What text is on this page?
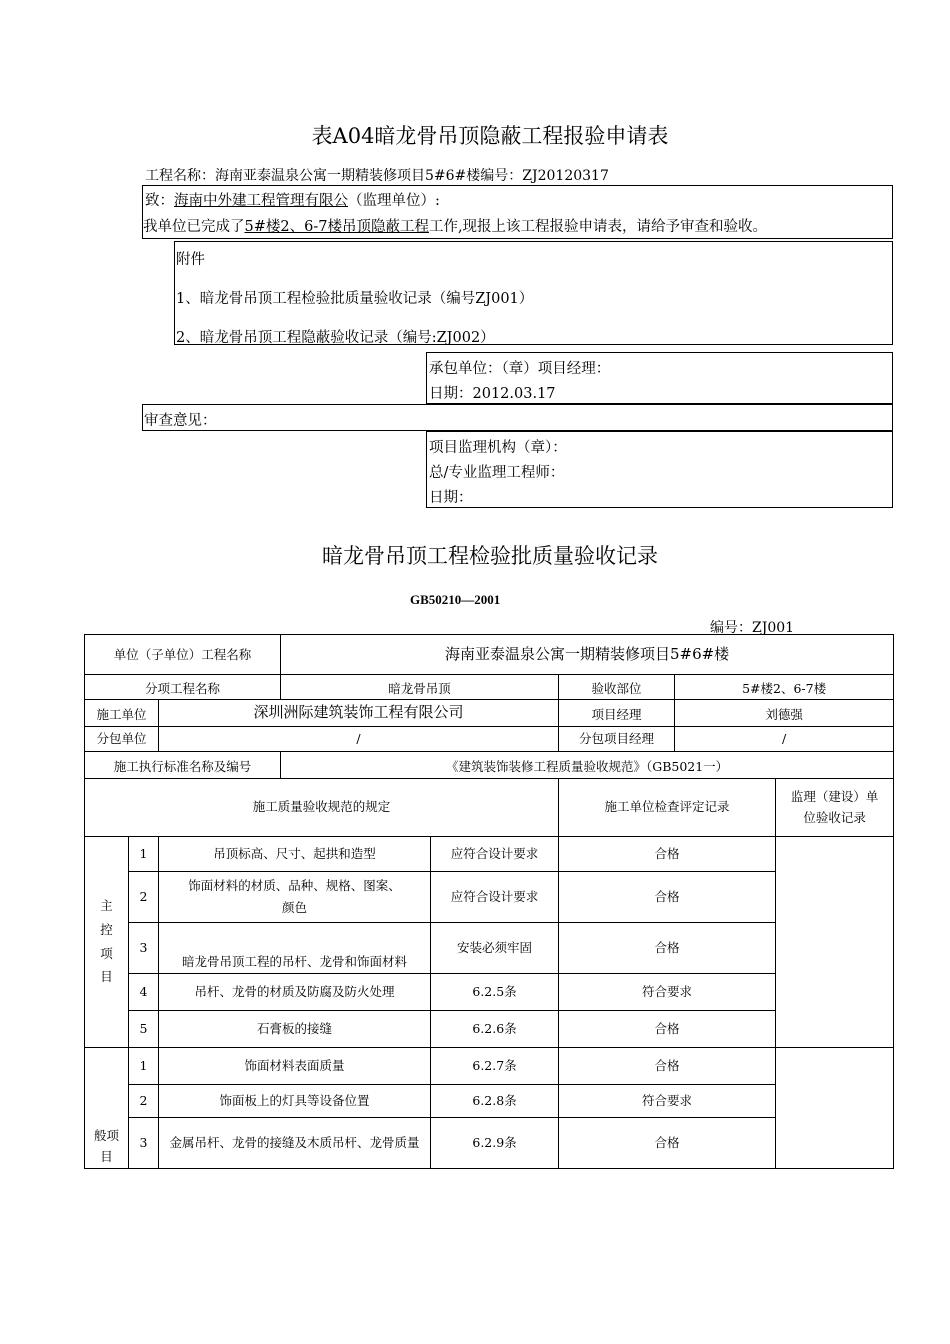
表A04暗龙骨吊顶隐蔽工程报验申请表
工程名称：海南亚泰温泉公寓一期精装修项目5#6#楼编号：ZJ20120317
致：海南中外建工程管理有限公（监理单位）:
我单位已完成了5#楼2、6-7楼吊顶隐蔽工程工作,现报上该工程报验申请表，请给予审查和验收。
附件
1、暗龙骨吊顶工程检验批质量验收记录（编号ZJ001）
2、暗龙骨吊顶工程隐蔽验收记录（编号:ZJ002）
承包单位：（章）项目经理：
日期：2012.03.17
审查意见：
项目监理机构（章）：
总/专业监理工程师：
日期：
暗龙骨吊顶工程检验批质量验收记录
GB50210—2001
编号：ZJ001
单位（子单位）工程名称			海南亚泰温泉公寓一期精装修项目5#6#楼				
分项工程名称			暗龙骨吊顶		验收部位	5#楼2、6-7楼	
施工单位		深圳洲际建筑装饰工程有限公司			项目经理	刘德强	
分包单位		/			分包项目经理	/	
施工执行标准名称及编号			《建筑装饰装修工程质量验收规范》（GB5021一）				
施工质量验收规范的规定					施工单位检查评定记录		监理（建设）单
位验收记录
主
控
项
目	1	吊顶标高、尺寸、起拱和造型		应符合设计要求	合格		
	2	饰面材料的材质、品种、规格、图案、颜色		应符合设计要求	合格		
	3	暗龙骨吊顶工程的吊杆、龙骨和饰面材料		安装必须牢固	合格		
	4	吊杆、龙骨的材质及防腐及防火处理		6.2.5条	符合要求		
	5	石膏板的接缝		6.2.6条	合格		
般项目	1	饰面材料表面质量		6.2.7条	合格		
	2	饰面板上的灯具等设备位置		6.2.8条	符合要求		
	3	金属吊杆、龙骨的接缝及木质吊杆、龙骨质量		6.2.9条	合格		
